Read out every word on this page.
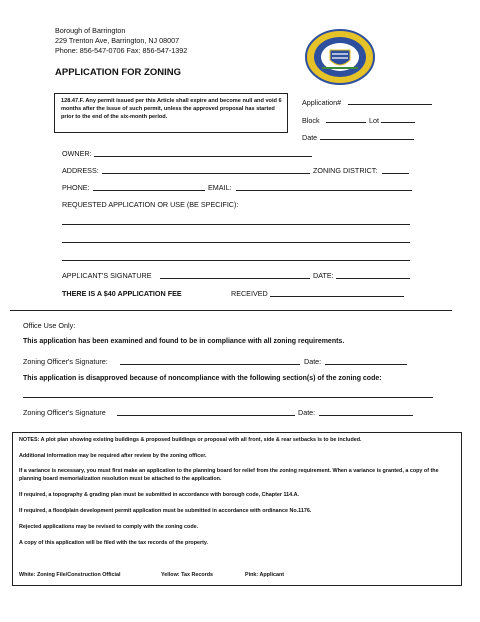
Borough of Barrington
229 Trenton Ave, Barrington, NJ 08007
Phone: 856-547-0706 Fax: 856-547-1392
APPLICATION FOR ZONING
128.47.F. Any permit issued per this Article shall expire and become null and void 6 months after the issue of such permit, unless the approved proposal has started prior to the end of the six-month period.
Application#
Block	Lot
Date
OWNER:
ADDRESS:	ZONING DISTRICT:
PHONE:	EMAIL:
REQUESTED APPLICATION OR USE (BE SPECIFIC):
APPLICANT'S SIGNATURE	DATE:
THERE IS A $40 APPLICATION FEE	RECEIVED
Office Use Only:
This application has been examined and found to be in compliance with all zoning requirements.
Zoning Officer's Signature:	Date:
This application is disapproved because of noncompliance with the following section(s) of the zoning code:
Zoning Officer's Signature	Date:

NOTES: A plot plan showing existing buildings & proposed buildings or proposal with all front, side & rear setbacks is to be included.

Additional information may be required after review by the zoning officer.

If a variance is necessary, you must first make an application to the planning board for relief from the zoning requirement. When a variance is granted, a copy of the planning board memorialization resolution must be attached to the application.

If required, a topography & grading plan must be submitted in accordance with borough code, Chapter 114.A.

If required, a floodplain development permit application must be submitted in accordance with ordinance No.1176.

Rejected applications may be revised to comply with the zoning code.

A copy of this application will be filed with the tax records of the property.

White: Zoning File/Construction Official	Yellow: Tax Records	Pink: Applicant
